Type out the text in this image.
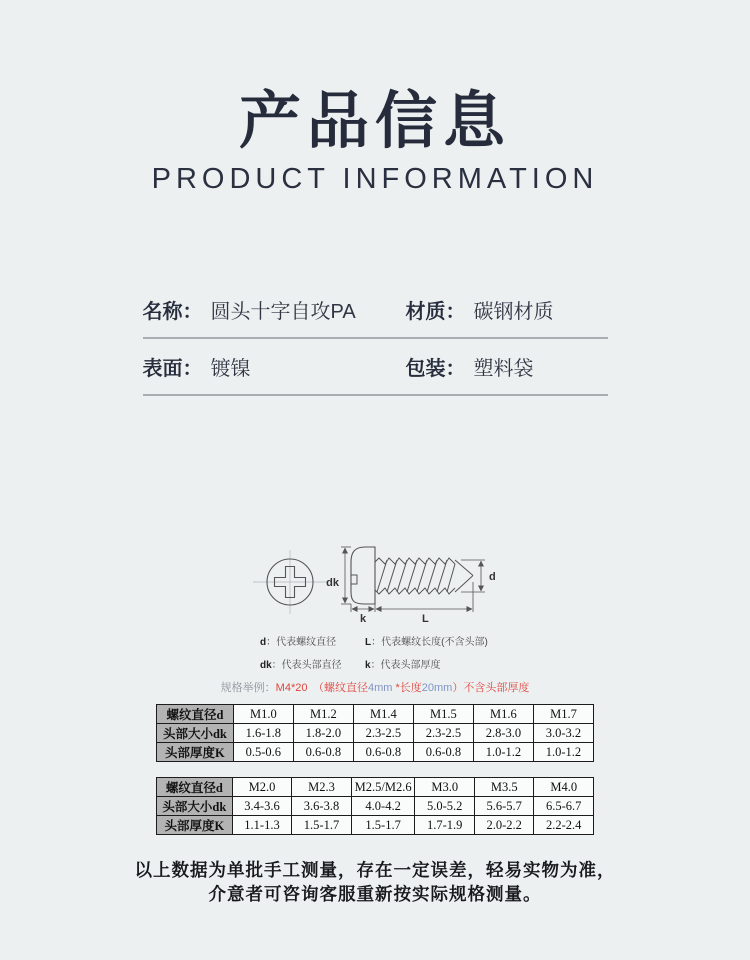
产品信息
PRODUCT INFORMATION
名称： 圆头十字自攻PA 材质： 碳钢材质
表面： 镀镍	包装： 塑料袋
dk	d
k	L
d：代表螺纹直径	L：代表螺纹长度(不含头部)
dk：代表头部直径	k：代表头部厚度
规格举例：M4*20　 （螺纹直径4mm *长度20mm）不含头部厚度
螺纹直径d	M1.0	M1.2	M1.4	M1.5	M1.6	M1.7
头部大小dk	1.6-1.8	1.8-2.0	2.3-2.5	2.3-2.5	2.8-3.0	3.0-3.2
头部厚度K	0.5-0.6	0.6-0.8	0.6-0.8	0.6-0.8	1.0-1.2	1.0-1.2
螺纹直径d	M2.0	M2.3	M2.5/M2.6	M3.0	M3.5	M4.0
头部大小dk	3.4-3.6	3.6-3.8	4.0-4.2	5.0-5.2	5.6-5.7	6.5-6.7
头部厚度K	1.1-1.3	1.5-1.7	1.5-1.7	1.7-1.9	2.0-2.2	2.2-2.4
以上数据为单批手工测量，存在一定误差，轻易实物为准，
介意者可咨询客服重新按实际规格测量。
